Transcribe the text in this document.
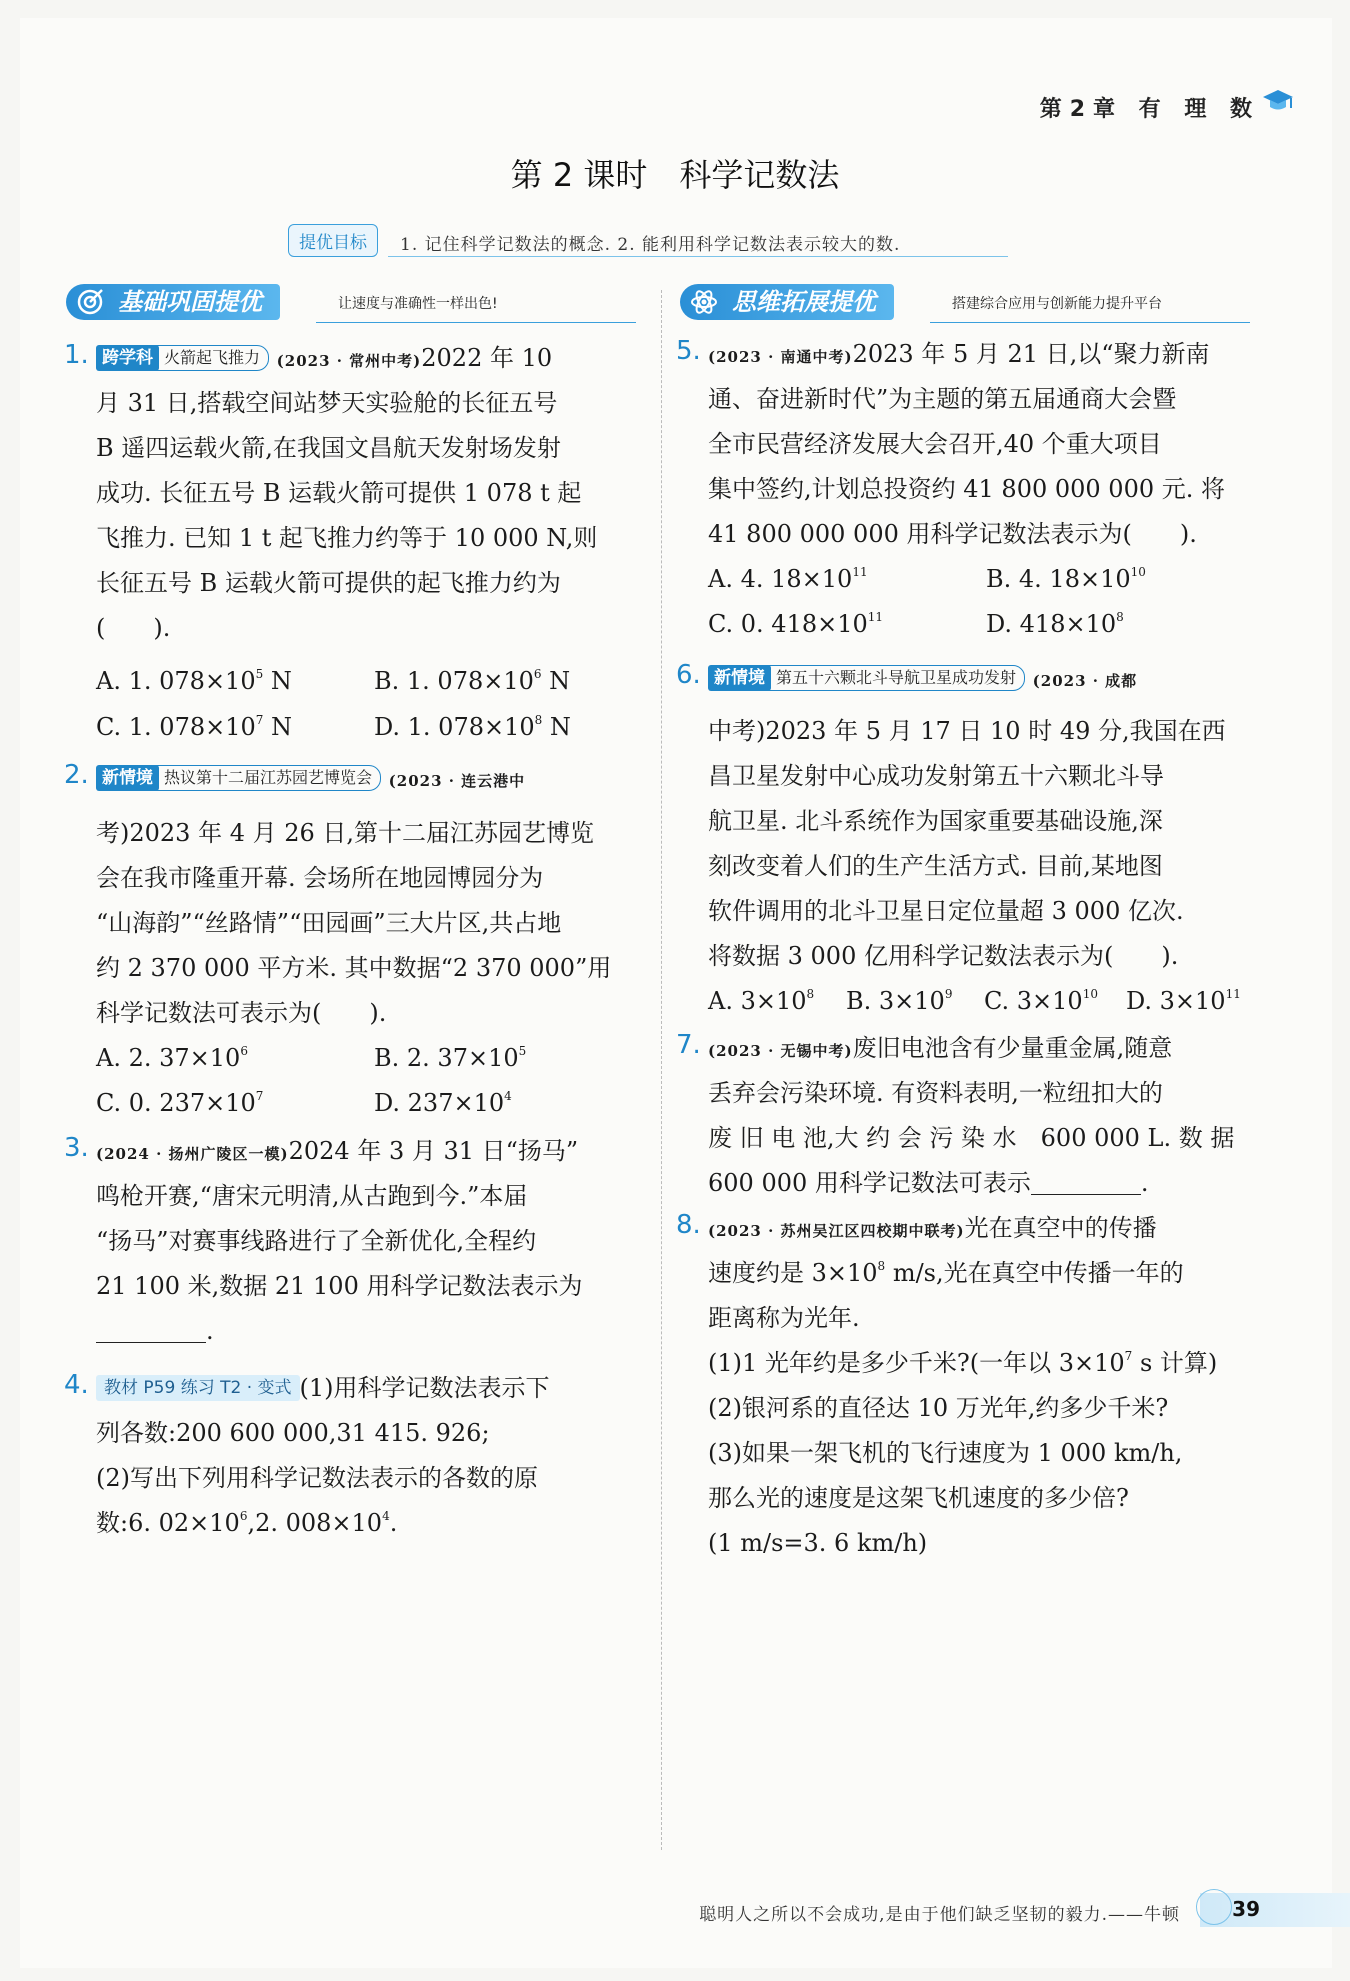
第2章 有 理 数
第 2 课时　科学记数法
提优目标	1. 记住科学记数法的概念. 2. 能利用科学记数法表示较大的数.
基础巩固提优	让速度与准确性一样出色!	思维拓展提优	搭建综合应用与创新能力提升平台
1. 跨学科 火箭起飞推力 (2023 · 常州中考)2022 年 10
月 31 日,搭载空间站梦天实验舱的长征五号
B 遥四运载火箭,在我国文昌航天发射场发射
成功. 长征五号 B 运载火箭可提供 1 078 t 起
飞推力. 已知 1 t 起飞推力约等于 10 000 N,则
长征五号 B 运载火箭可提供的起飞推力约为
(　　).
A. 1. $078\times 10^5$ N	B. 1. $078\times 10^6$ N
C. 1. $078\times 10^7$ N	D. 1. $078\times 10^8$ N
2. 新情境 热议第十二届江苏园艺博览会 (2023 · 连云港中
考)2023 年 4 月 26 日,第十二届江苏园艺博览
会在我市隆重开幕. 会场所在地园博园分为
“山海韵”“丝路情”“田园画”三大片区,共占地
约 2 370 000 平方米. 其中数据“2 370 000”用
科学记数法可表示为(　　).
A. 2. $37\times 10^6$	B. 2. $37\times 10^5$
C. 0. $237\times 10^7$	D. $237\times 10^4$
3. (2024 · 扬州广陵区一模)2024 年 3 月 31 日“扬马”
鸣枪开赛,“唐宋元明清,从古跑到今.”本届
“扬马”对赛事线路进行了全新优化,全程约
21 100 米,数据 21 100 用科学记数法表示为
.
4. 教材 P59 练习 T2 · 变式 (1)用科学记数法表示下
列各数:200 600 000,31 415. 926;
(2)写出下列用科学记数法表示的各数的原
数:6. $02\times 10^6,2$. $008\times 10^4$.
5. (2023 · 南通中考)2023 年 5 月 21 日,以“聚力新南
通、奋进新时代”为主题的第五届通商大会暨
全市民营经济发展大会召开,40 个重大项目
集中签约,计划总投资约 41 800 000 000 元. 将
41 800 000 000 用科学记数法表示为(　　).
A. 4. $18\times 10^{11}$	B. 4. $18\times 10^{10}$
C. 0. $418\times 10^{11}$	D. $418\times 10^8$
6. 新情境 第五十六颗北斗导航卫星成功发射 (2023 · 成都
中考)2023 年 5 月 17 日 10 时 49 分,我国在西
昌卫星发射中心成功发射第五十六颗北斗导
航卫星. 北斗系统作为国家重要基础设施,深
刻改变着人们的生产生活方式. 目前,某地图
软件调用的北斗卫星日定位量超 3 000 亿次.
将数据 3 000 亿用科学记数法表示为(　　).
A. $3\times 10^8$ B. $3\times 10^9$ C. $3\times 10^{10}$ D. $3\times 10^{11}$
7. (2023 · 无锡中考)废旧电池含有少量重金属,随意
丢弃会污染环境. 有资料表明,一粒纽扣大的
废 旧 电 池,大 约 会 污 染 水　600 000 L. 数 据
600 000 用科学记数法可表示	.
8. (2023 · 苏州吴江区四校期中联考)光在真空中的传播
速度约是 $3\times 10^8$ m/s,光在真空中传播一年的
距离称为光年.
(1)1 光年约是多少千米?(一年以 $3\times 10^7$ s 计算)
(2)银河系的直径达 10 万光年,约多少千米?
(3)如果一架飞机的飞行速度为 1 000 km/h,
那么光的速度是这架飞机速度的多少倍?
(1 m/s=3. 6 km/h)
聪明人之所以不会成功,是由于他们缺乏坚韧的毅力.——牛顿	39
